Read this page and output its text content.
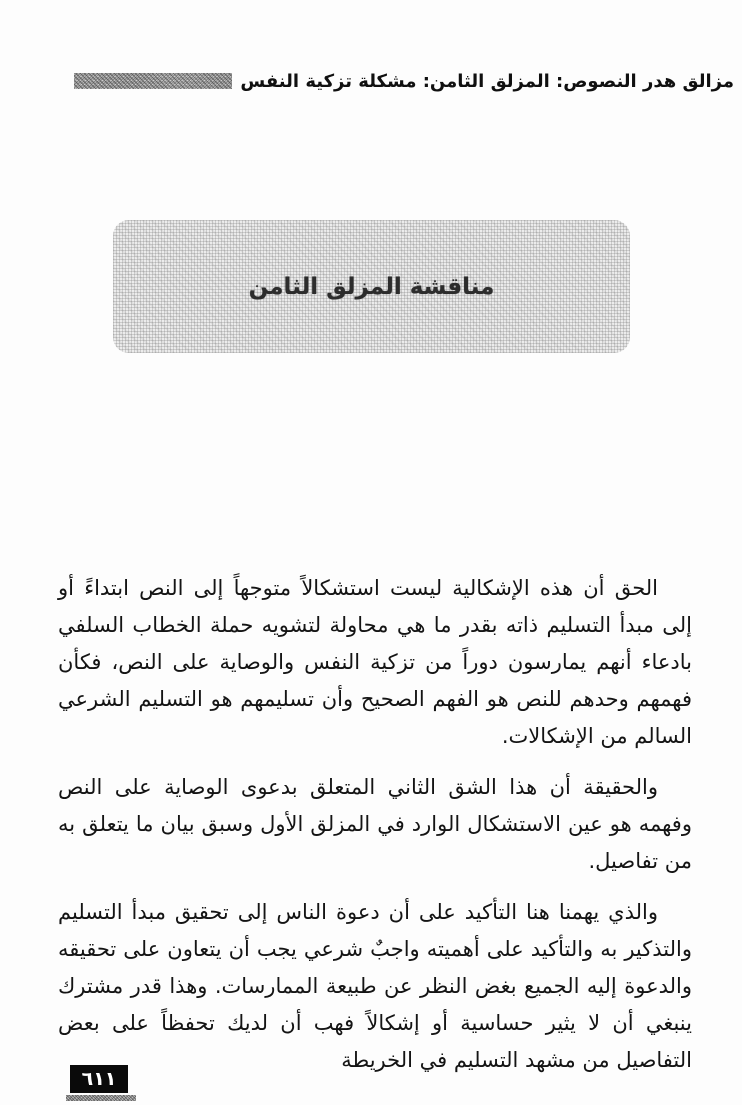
مزالق هدر النصوص: المزلق الثامن: مشكلة تزكية النفس
مناقشة المزلق الثامن

الحق أن هذه الإشكالية ليست استشكالاً متوجهاً إلى النص ابتداءً أو إلى مبدأ التسليم ذاته بقدر ما هي محاولة لتشويه حملة الخطاب السلفي بادعاء أنهم يمارسون دوراً من تزكية النفس والوصاية على النص، فكأن فهمهم وحدهم للنص هو الفهم الصحيح وأن تسليمهم هو التسليم الشرعي السالم من الإشكالات.

والحقيقة أن هذا الشق الثاني المتعلق بدعوى الوصاية على النص وفهمه هو عين الاستشكال الوارد في المزلق الأول وسبق بيان ما يتعلق به من تفاصيل.

والذي يهمنا هنا التأكيد على أن دعوة الناس إلى تحقيق مبدأ التسليم والتذكير به والتأكيد على أهميته واجبٌ شرعي يجب أن يتعاون على تحقيقه والدعوة إليه الجميع بغض النظر عن طبيعة الممارسات. وهذا قدر مشترك ينبغي أن لا يثير حساسية أو إشكالاً فهب أن لديك تحفظاً على بعض التفاصيل من مشهد التسليم في الخريطة

٦١١
